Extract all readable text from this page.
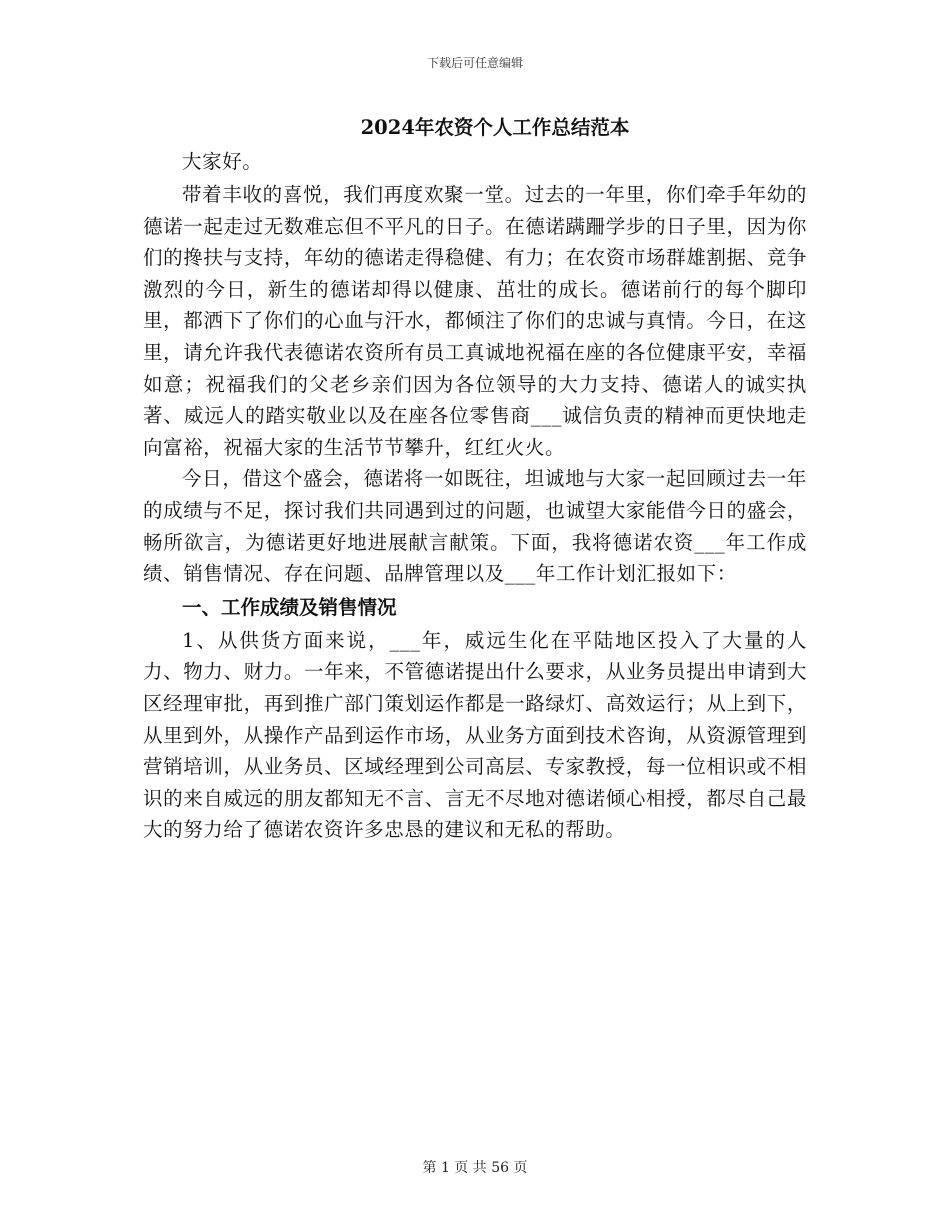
下载后可任意编辑
2024年农资个人工作总结范本

大家好。

带着丰收的喜悦，我们再度欢聚一堂。过去的一年里，你们牵手年幼的德诺一起走过无数难忘但不平凡的日子。在德诺蹒跚学步的日子里，因为你们的搀扶与支持，年幼的德诺走得稳健、有力；在农资市场群雄割据、竞争激烈的今日，新生的德诺却得以健康、茁壮的成长。德诺前行的每个脚印里，都洒下了你们的心血与汗水，都倾注了你们的忠诚与真情。今日，在这里，请允许我代表德诺农资所有员工真诚地祝福在座的各位健康平安，幸福如意；祝福我们的父老乡亲们因为各位领导的大力支持、德诺人的诚实执著、威远人的踏实敬业以及在座各位零售商___诚信负责的精神而更快地走向富裕，祝福大家的生活节节攀升，红红火火。

今日，借这个盛会，德诺将一如既往，坦诚地与大家一起回顾过去一年的成绩与不足，探讨我们共同遇到过的问题，也诚望大家能借今日的盛会，畅所欲言，为德诺更好地进展献言献策。下面，我将德诺农资___年工作成绩、销售情况、存在问题、品牌管理以及___年工作计划汇报如下：

一、工作成绩及销售情况

1、从供货方面来说，___年，威远生化在平陆地区投入了大量的人力、物力、财力。一年来，不管德诺提出什么要求，从业务员提出申请到大区经理审批，再到推广部门策划运作都是一路绿灯、高效运行；从上到下，从里到外，从操作产品到运作市场，从业务方面到技术咨询，从资源管理到营销培训，从业务员、区域经理到公司高层、专家教授，每一位相识或不相识的来自威远的朋友都知无不言、言无不尽地对德诺倾心相授，都尽自己最大的努力给了德诺农资许多忠恳的建议和无私的帮助。

第 1 页 共 56 页
